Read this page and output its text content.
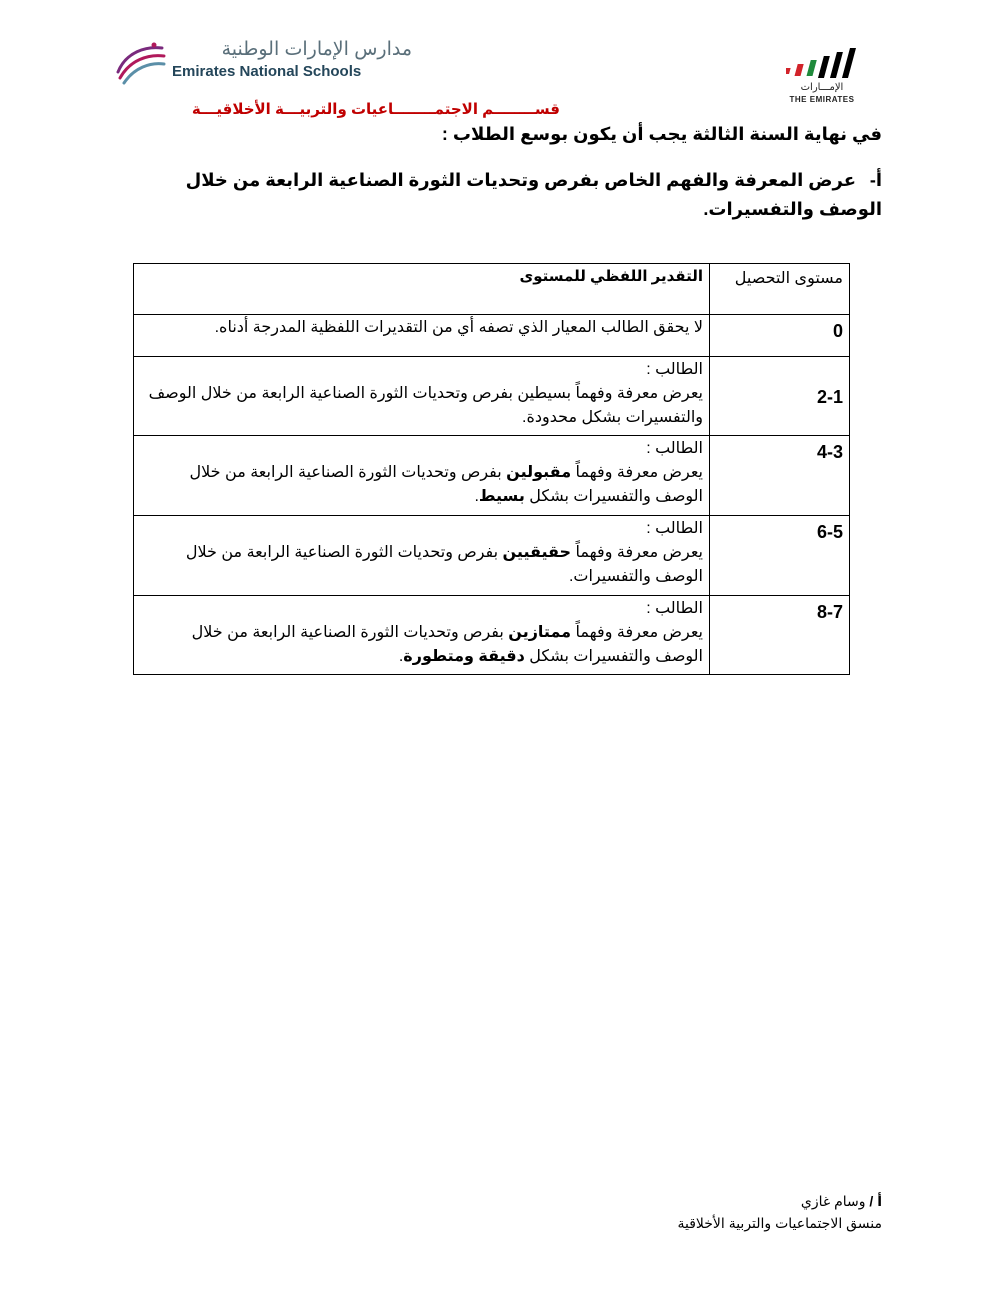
مدارس الإمارات الوطنية
Emirates National Schools
الإمـــارات
THE EMIRATES
قســــــــم الاجتمــــــــاعيات والتربيـــة الأخلاقيـــة
في نهاية السنة الثالثة يجب أن يكون بوسع الطلاب :
أ-عرض المعرفة والفهم الخاص بفرص وتحديات الثورة الصناعية الرابعة من خلال الوصف والتفسيرات.
مستوى التحصيل	التقدير اللفظي للمستوى

0	لا يحقق الطالب المعيار الذي تصفه أي من التقديرات اللفظية المدرجة أدناه.

2-1	الطالب :
يعرض معرفة وفهماً بسيطين بفرص وتحديات الثورة الصناعية الرابعة من خلال الوصف والتفسيرات بشكل محدودة.

4-3	الطالب :
يعرض معرفة وفهماً مقبولين بفرص وتحديات الثورة الصناعية الرابعة من خلال الوصف والتفسيرات بشكل بسيط.

6-5	الطالب :
يعرض معرفة وفهماً حقيقيين بفرص وتحديات الثورة الصناعية الرابعة من خلال الوصف والتفسيرات.

8-7	الطالب :
يعرض معرفة وفهماً ممتازين بفرص وتحديات الثورة الصناعية الرابعة من خلال الوصف والتفسيرات بشكل دقيقة ومتطورة.
أ / وسام غازي
منسق الاجتماعيات والتربية الأخلاقية
